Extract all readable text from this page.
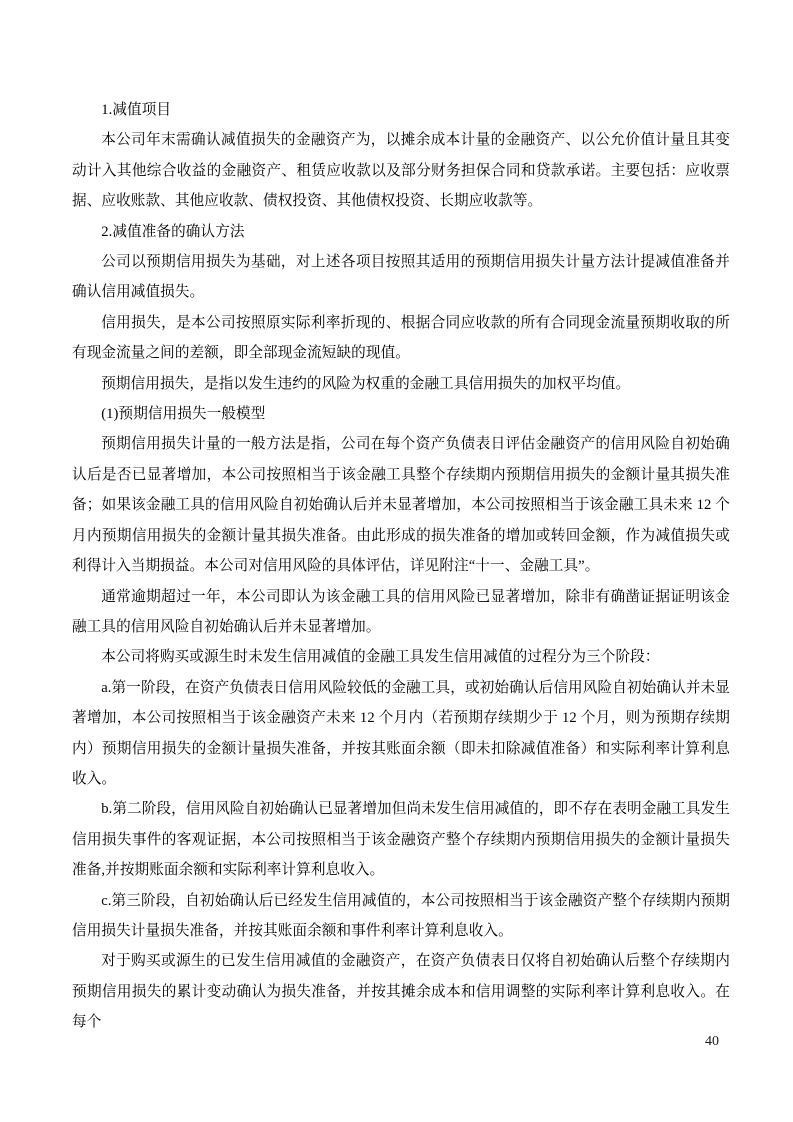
1.减值项目

本公司年末需确认减值损失的金融资产为，以摊余成本计量的金融资产、以公允价值计量且其变动计入其他综合收益的金融资产、租赁应收款以及部分财务担保合同和贷款承诺。主要包括：应收票据、应收账款、其他应收款、债权投资、其他债权投资、长期应收款等。

2.减值准备的确认方法

公司以预期信用损失为基础，对上述各项目按照其适用的预期信用损失计量方法计提减值准备并确认信用减值损失。

信用损失，是本公司按照原实际利率折现的、根据合同应收款的所有合同现金流量预期收取的所有现金流量之间的差额，即全部现金流短缺的现值。

预期信用损失，是指以发生违约的风险为权重的金融工具信用损失的加权平均值。

(1)预期信用损失一般模型

预期信用损失计量的一般方法是指，公司在每个资产负债表日评估金融资产的信用风险自初始确认后是否已显著增加，本公司按照相当于该金融工具整个存续期内预期信用损失的金额计量其损失准备；如果该金融工具的信用风险自初始确认后并未显著增加，本公司按照相当于该金融工具未来 12 个月内预期信用损失的金额计量其损失准备。由此形成的损失准备的增加或转回金额，作为减值损失或利得计入当期损益。本公司对信用风险的具体评估，详见附注“十一、金融工具”。

通常逾期超过一年，本公司即认为该金融工具的信用风险已显著增加，除非有确凿证据证明该金融工具的信用风险自初始确认后并未显著增加。

本公司将购买或源生时未发生信用减值的金融工具发生信用减值的过程分为三个阶段：

a.第一阶段，在资产负债表日信用风险较低的金融工具，或初始确认后信用风险自初始确认并未显著增加，本公司按照相当于该金融资产未来 12 个月内（若预期存续期少于 12 个月，则为预期存续期内）预期信用损失的金额计量损失准备，并按其账面余额（即未扣除减值准备）和实际利率计算利息收入。

b.第二阶段，信用风险自初始确认已显著增加但尚未发生信用减值的，即不存在表明金融工具发生信用损失事件的客观证据，本公司按照相当于该金融资产整个存续期内预期信用损失的金额计量损失准备,并按期账面余额和实际利率计算利息收入。

c.第三阶段，自初始确认后已经发生信用减值的，本公司按照相当于该金融资产整个存续期内预期信用损失计量损失准备，并按其账面余额和事件利率计算利息收入。

对于购买或源生的已发生信用减值的金融资产，在资产负债表日仅将自初始确认后整个存续期内预期信用损失的累计变动确认为损失准备，并按其摊余成本和信用调整的实际利率计算利息收入。在每个

40
